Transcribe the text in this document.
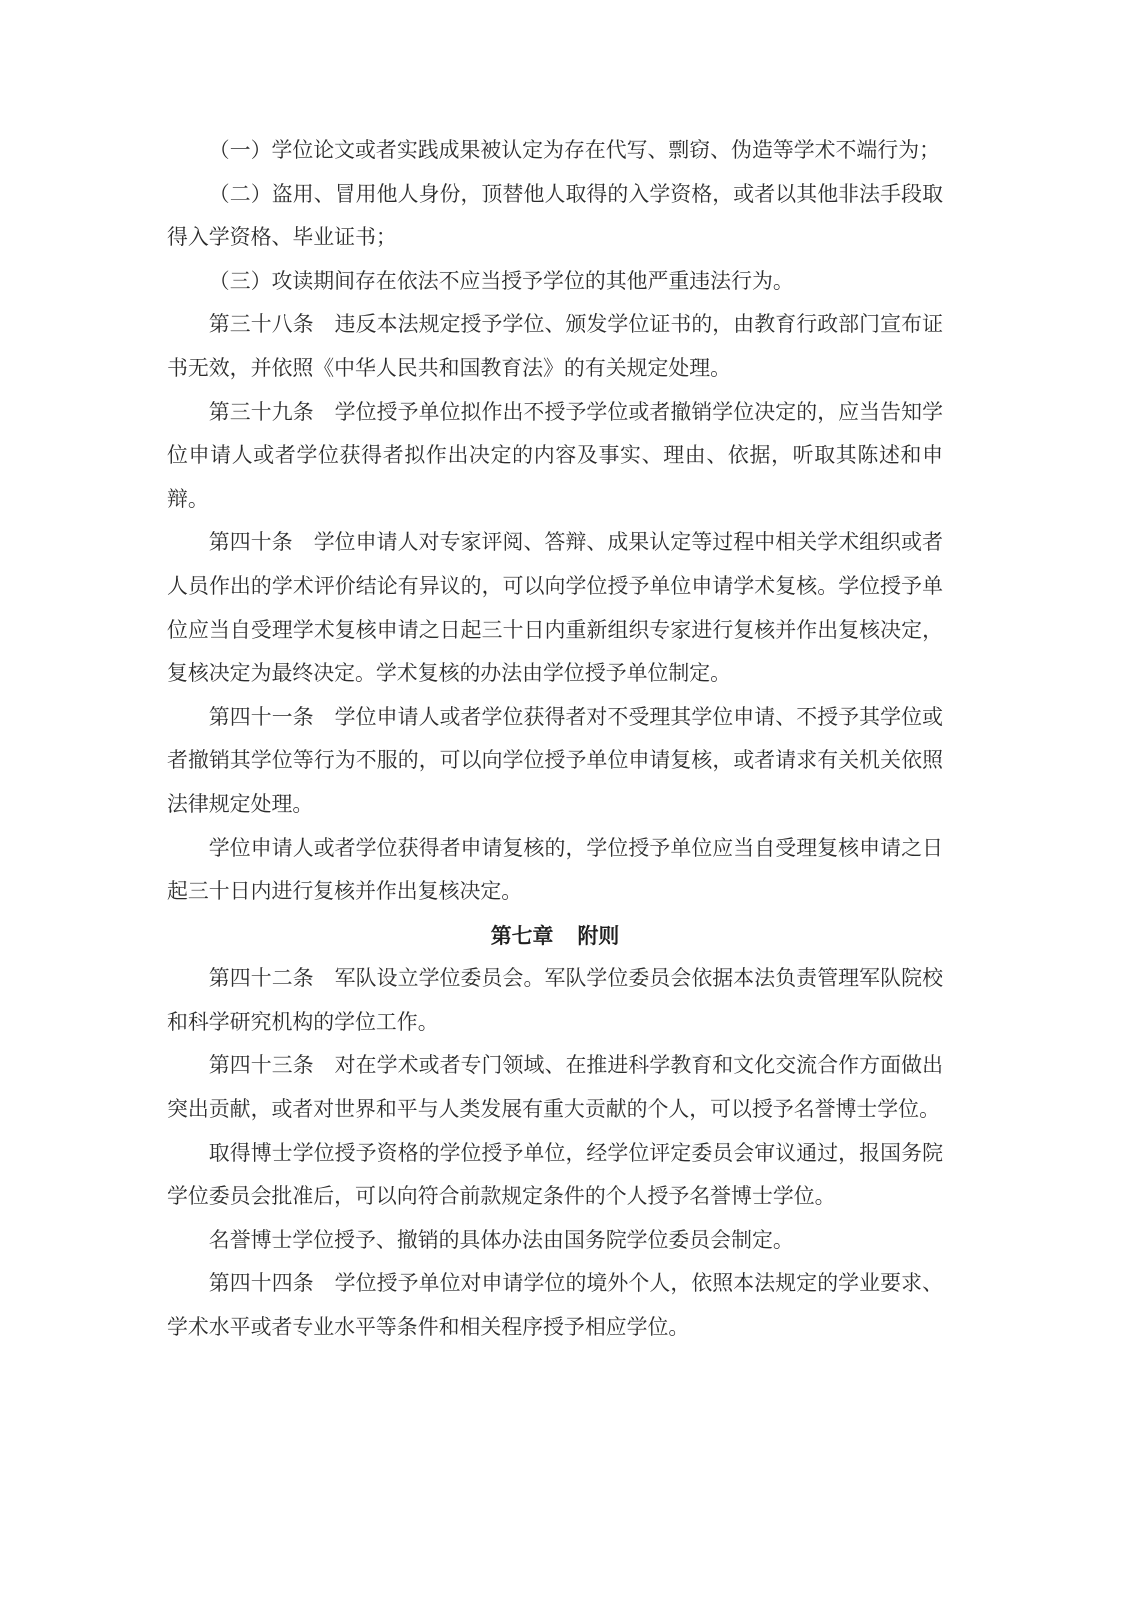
（一）学位论文或者实践成果被认定为存在代写、剽窃、伪造等学术不端行为；

（二）盗用、冒用他人身份，顶替他人取得的入学资格，或者以其他非法手段取得入学资格、毕业证书；

（三）攻读期间存在依法不应当授予学位的其他严重违法行为。

第三十八条　违反本法规定授予学位、颁发学位证书的，由教育行政部门宣布证书无效，并依照《中华人民共和国教育法》的有关规定处理。

第三十九条　学位授予单位拟作出不授予学位或者撤销学位决定的，应当告知学位申请人或者学位获得者拟作出决定的内容及事实、理由、依据，听取其陈述和申辩。

第四十条　学位申请人对专家评阅、答辩、成果认定等过程中相关学术组织或者人员作出的学术评价结论有异议的，可以向学位授予单位申请学术复核。学位授予单位应当自受理学术复核申请之日起三十日内重新组织专家进行复核并作出复核决定，复核决定为最终决定。学术复核的办法由学位授予单位制定。

第四十一条　学位申请人或者学位获得者对不受理其学位申请、不授予其学位或者撤销其学位等行为不服的，可以向学位授予单位申请复核，或者请求有关机关依照法律规定处理。

学位申请人或者学位获得者申请复核的，学位授予单位应当自受理复核申请之日起三十日内进行复核并作出复核决定。

第七章 附则

第四十二条　军队设立学位委员会。军队学位委员会依据本法负责管理军队院校和科学研究机构的学位工作。

第四十三条　对在学术或者专门领域、在推进科学教育和文化交流合作方面做出突出贡献，或者对世界和平与人类发展有重大贡献的个人，可以授予名誉博士学位。

取得博士学位授予资格的学位授予单位，经学位评定委员会审议通过，报国务院学位委员会批准后，可以向符合前款规定条件的个人授予名誉博士学位。

名誉博士学位授予、撤销的具体办法由国务院学位委员会制定。

第四十四条　学位授予单位对申请学位的境外个人，依照本法规定的学业要求、学术水平或者专业水平等条件和相关程序授予相应学位。
